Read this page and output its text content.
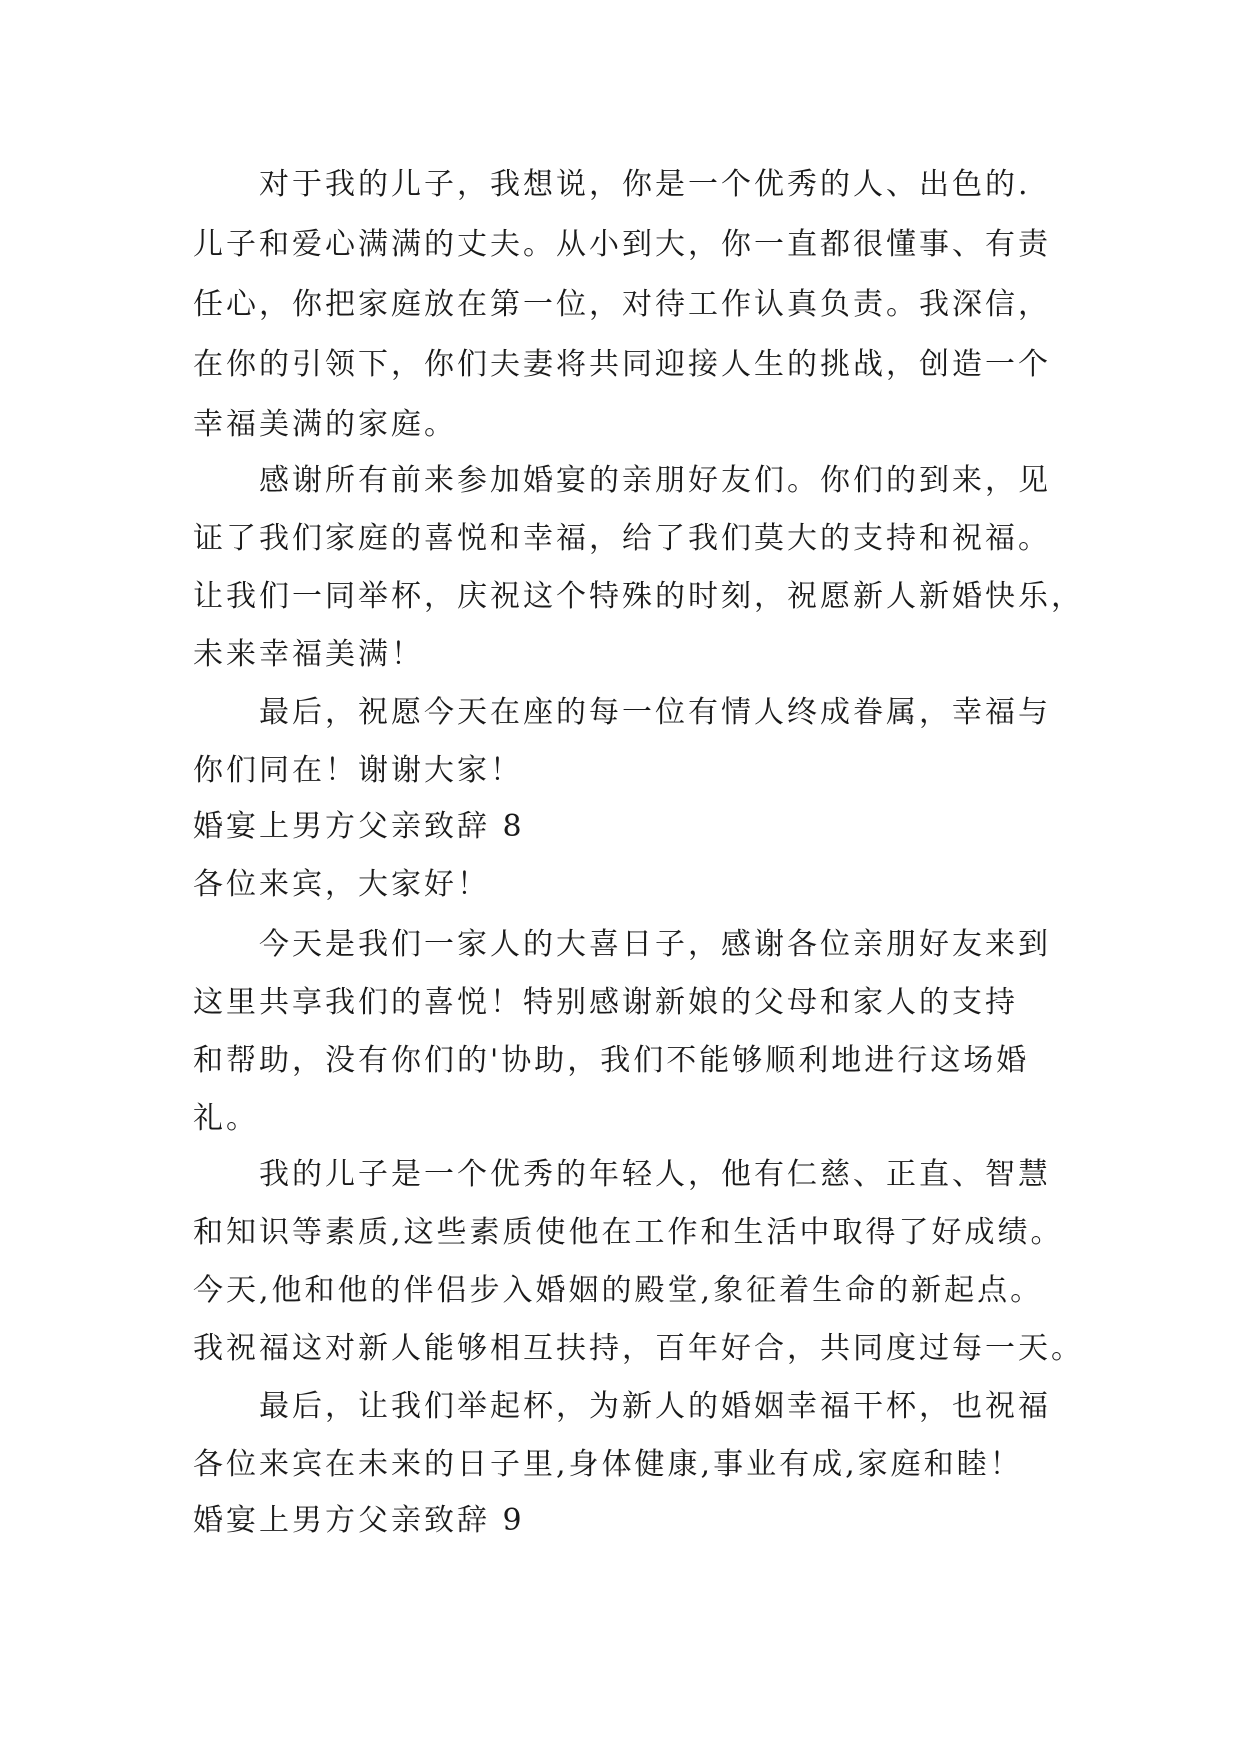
对于我的儿子，我想说，你是一个优秀的人、出色的.

儿子和爱心满满的丈夫。从小到大，你一直都很懂事、有责

任心，你把家庭放在第一位，对待工作认真负责。我深信，

在你的引领下，你们夫妻将共同迎接人生的挑战，创造一个

幸福美满的家庭。

感谢所有前来参加婚宴的亲朋好友们。你们的到来，见

证了我们家庭的喜悦和幸福，给了我们莫大的支持和祝福。

让我们一同举杯，庆祝这个特殊的时刻，祝愿新人新婚快乐，

未来幸福美满！

最后，祝愿今天在座的每一位有情人终成眷属，幸福与

你们同在！谢谢大家！

婚宴上男方父亲致辞 8

各位来宾，大家好！

今天是我们一家人的大喜日子，感谢各位亲朋好友来到

这里共享我们的喜悦！特别感谢新娘的父母和家人的支持

和帮助，没有你们的'协助，我们不能够顺利地进行这场婚

礼。

我的儿子是一个优秀的年轻人，他有仁慈、正直、智慧

和知识等素质,这些素质使他在工作和生活中取得了好成绩。

今天,他和他的伴侣步入婚姻的殿堂,象征着生命的新起点。

我祝福这对新人能够相互扶持，百年好合，共同度过每一天。

最后，让我们举起杯，为新人的婚姻幸福干杯，也祝福

各位来宾在未来的日子里,身体健康,事业有成,家庭和睦！

婚宴上男方父亲致辞 9
